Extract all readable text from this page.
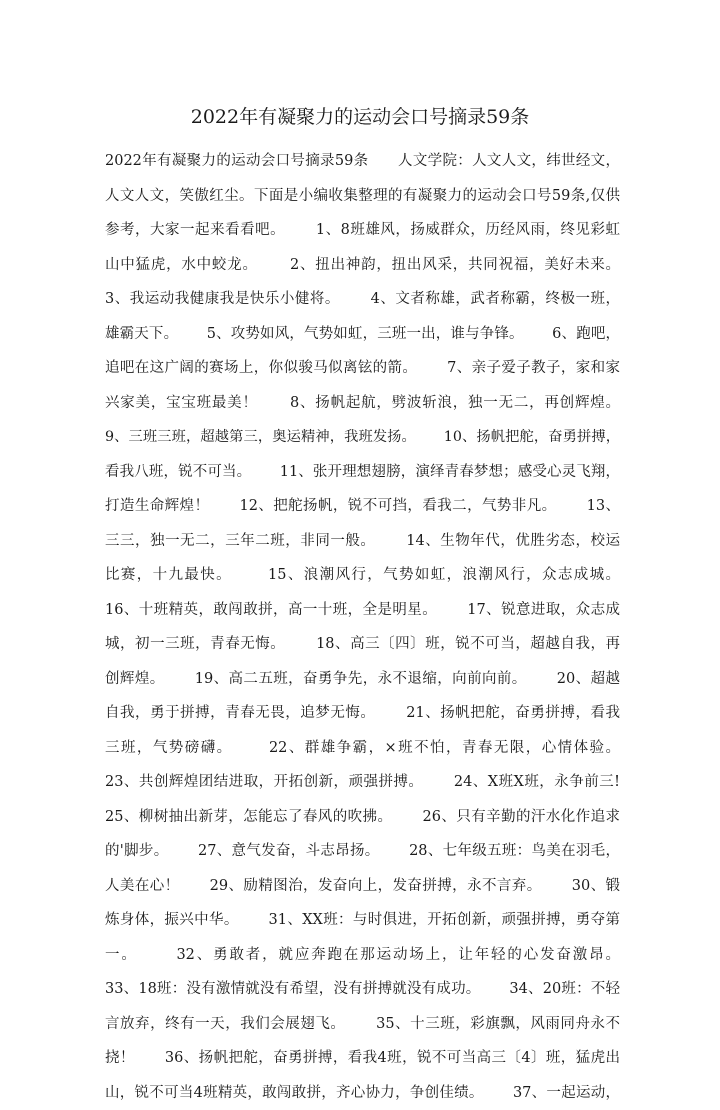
2022年有凝聚力的运动会口号摘录59条
2022年有凝聚力的运动会口号摘录59条      人文学院：人文人文，纬世经文，
人文人文，笑傲红尘。下面是小编收集整理的有凝聚力的运动会口号59条,仅供
参考，大家一起来看看吧。      1、8班雄风，扬威群众，历经风雨，终见彩虹
山中猛虎，水中蛟龙。      2、扭出神韵，扭出风采，共同祝福，美好未来。
3、我运动我健康我是快乐小健将。      4、文者称雄，武者称霸，终极一班，
雄霸天下。      5、攻势如风，气势如虹，三班一出，谁与争锋。      6、跑吧，
追吧在这广阔的赛场上，你似骏马似离铉的箭。      7、亲子爱子教子，家和家
兴家美，宝宝班最美！      8、扬帆起航，劈波斩浪，独一无二，再创辉煌。
9、三班三班，超越第三，奥运精神，我班发扬。      10、扬帆把舵，奋勇拼搏，
看我八班，锐不可当。      11、张开理想翅膀，演绎青春梦想；感受心灵飞翔，
打造生命辉煌！      12、把舵扬帆，锐不可挡，看我二，气势非凡。      13、
三三，独一无二，三年二班，非同一般。      14、生物年代，优胜劣态，校运
比赛，十九最快。      15、浪潮风行，气势如虹，浪潮风行，众志成城。
16、十班精英，敢闯敢拼，高一十班，全是明星。      17、锐意进取，众志成
城，初一三班，青春无悔。      18、高三〔四〕班，锐不可当，超越自我，再
创辉煌。      19、高二五班，奋勇争先，永不退缩，向前向前。      20、超越
自我，勇于拼搏，青春无畏，追梦无悔。      21、扬帆把舵，奋勇拼搏，看我
三班，气势磅礴。      22、群雄争霸，×班不怕，青春无限，心情体验。
23、共创辉煌团结进取，开拓创新，顽强拼搏。      24、X班X班，永争前三!
25、柳树抽出新芽，怎能忘了春风的吹拂。      26、只有辛勤的汗水化作追求
的'脚步。      27、意气发奋，斗志昂扬。      28、七年级五班：鸟美在羽毛，
人美在心！      29、励精图治，发奋向上，发奋拼搏，永不言弃。      30、锻
炼身体，振兴中华。      31、XX班：与时俱进，开拓创新，顽强拼搏，勇夺第
一。      32、勇敢者，就应奔跑在那运动场上，让年轻的心发奋激昂。
33、18班：没有激情就没有希望，没有拼搏就没有成功。      34、20班：不轻
言放弃，终有一天，我们会展翅飞。      35、十三班，彩旗飘，风雨同舟永不
挠！      36、扬帆把舵，奋勇拼搏，看我4班，锐不可当高三〔4〕班，猛虎出
山，锐不可当4班精英，敢闯敢拼，齐心协力，争创佳绩。      37、一起运动，
